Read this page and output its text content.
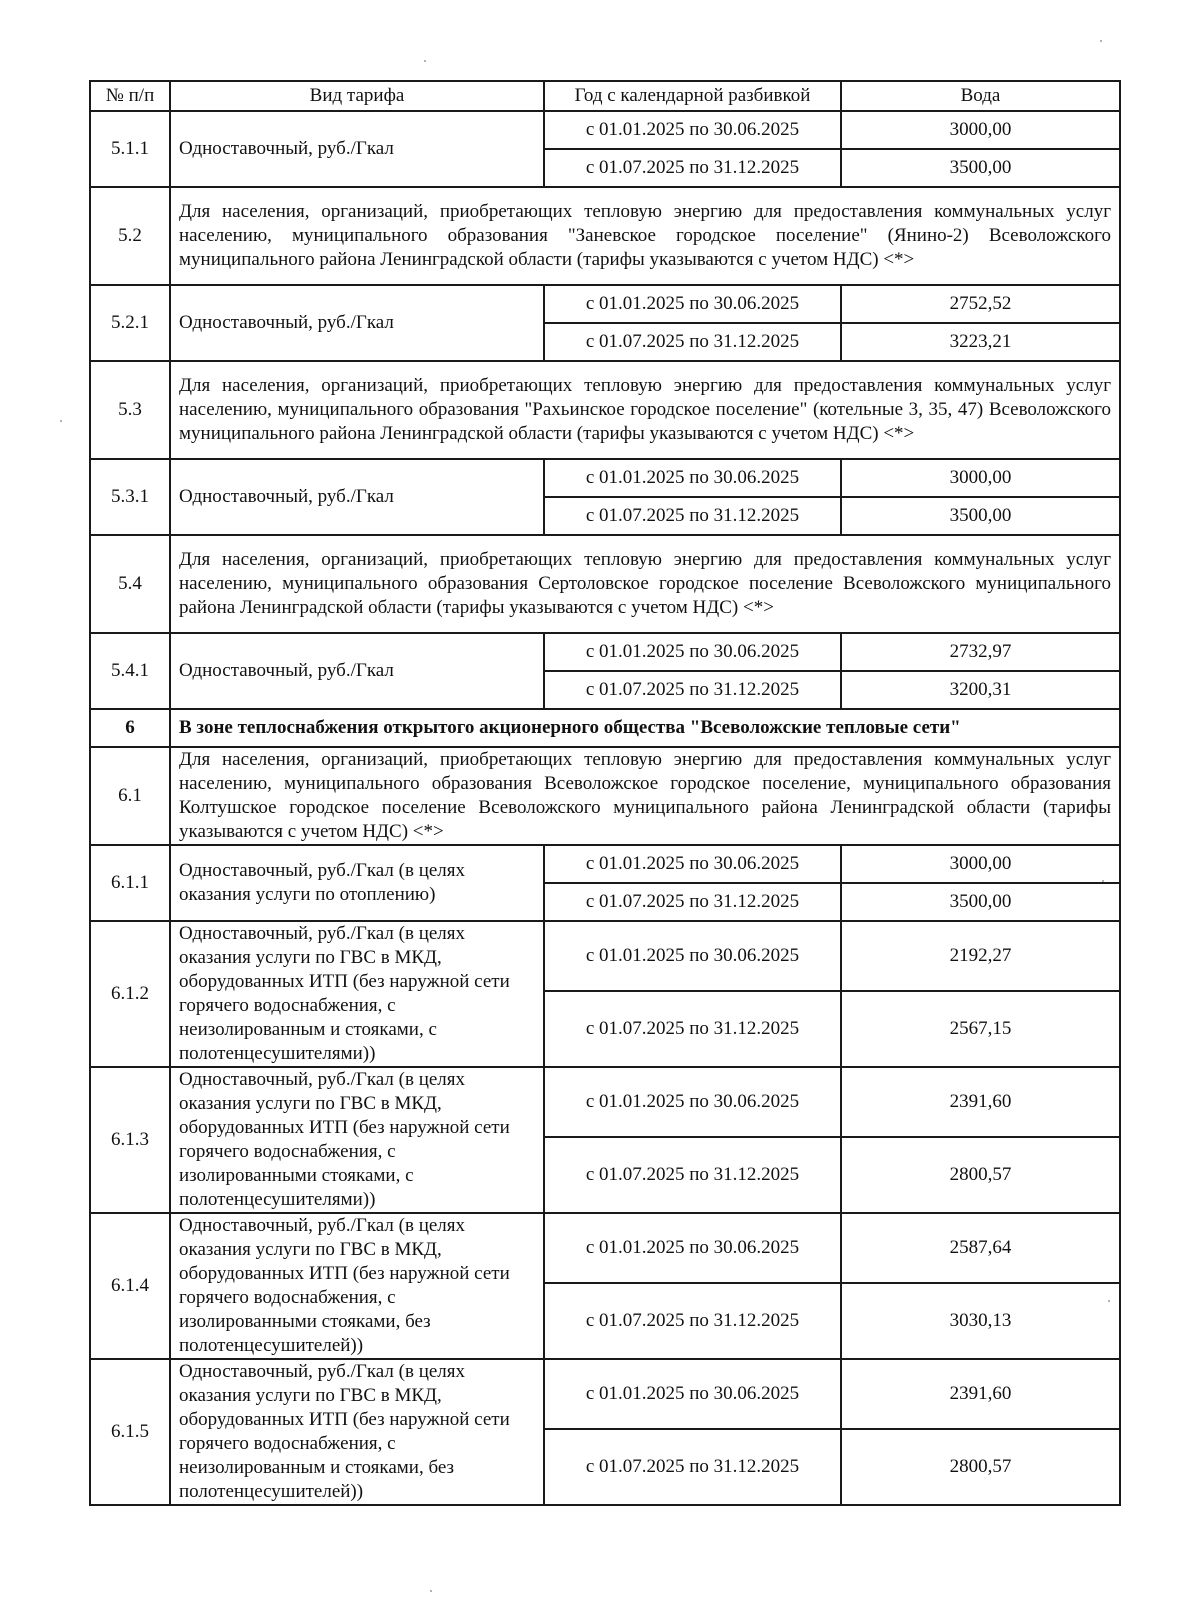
№ п/п	Вид тарифа	Год с календарной разбивкой	Вода
5.1.1	Одноставочный, руб./Гкал	с 01.01.2025 по 30.06.2025	3000,00
		с 01.07.2025 по 31.12.2025	3500,00
5.2	Для населения, организаций, приобретающих тепловую энергию для предоставления коммунальных услуг населению, муниципального образования "Заневское городское поселение" (Янино-2) Всеволожского муниципального района Ленинградской области (тарифы указываются с учетом НДС) <*>		
5.2.1	Одноставочный, руб./Гкал	с 01.01.2025 по 30.06.2025	2752,52
		с 01.07.2025 по 31.12.2025	3223,21
5.3	Для населения, организаций, приобретающих тепловую энергию для предоставления коммунальных услуг населению, муниципального образования "Рахьинское городское поселение" (котельные 3, 35, 47) Всеволожского муниципального района Ленинградской области (тарифы указываются с учетом НДС) <*>		
5.3.1	Одноставочный, руб./Гкал	с 01.01.2025 по 30.06.2025	3000,00
		с 01.07.2025 по 31.12.2025	3500,00
5.4	Для населения, организаций, приобретающих тепловую энергию для предоставления коммунальных услуг населению, муниципального образования Сертоловское городское поселение Всеволожского муниципального района Ленинградской области (тарифы указываются с учетом НДС) <*>		
5.4.1	Одноставочный, руб./Гкал	с 01.01.2025 по 30.06.2025	2732,97
		с 01.07.2025 по 31.12.2025	3200,31
6	В зоне теплоснабжения открытого акционерного общества "Всеволожские тепловые сети"		
6.1	Для населения, организаций, приобретающих тепловую энергию для предоставления коммунальных услуг населению, муниципального образования Всеволожское городское поселение, муниципального образования Колтушское городское поселение Всеволожского муниципального района Ленинградской области (тарифы указываются с учетом НДС) <*>		
6.1.1	Одноставочный, руб./Гкал (в целях оказания услуги по отоплению)	с 01.01.2025 по 30.06.2025	3000,00
		с 01.07.2025 по 31.12.2025	3500,00
6.1.2	Одноставочный, руб./Гкал (в целях оказания услуги по ГВС в МКД, оборудованных ИТП (без наружной сети горячего водоснабжения, с неизолированным и стояками, с полотенцесушителями))	с 01.01.2025 по 30.06.2025	2192,27
		с 01.07.2025 по 31.12.2025	2567,15
6.1.3	Одноставочный, руб./Гкал (в целях оказания услуги по ГВС в МКД, оборудованных ИТП (без наружной сети горячего водоснабжения, с изолированными стояками, с полотенцесушителями))	с 01.01.2025 по 30.06.2025	2391,60
		с 01.07.2025 по 31.12.2025	2800,57
6.1.4	Одноставочный, руб./Гкал (в целях оказания услуги по ГВС в МКД, оборудованных ИТП (без наружной сети горячего водоснабжения, с изолированными стояками, без полотенцесушителей))	с 01.01.2025 по 30.06.2025	2587,64
		с 01.07.2025 по 31.12.2025	3030,13
6.1.5	Одноставочный, руб./Гкал (в целях оказания услуги по ГВС в МКД, оборудованных ИТП (без наружной сети горячего водоснабжения, с неизолированным и стояками, без полотенцесушителей))	с 01.01.2025 по 30.06.2025	2391,60
		с 01.07.2025 по 31.12.2025	2800,57
